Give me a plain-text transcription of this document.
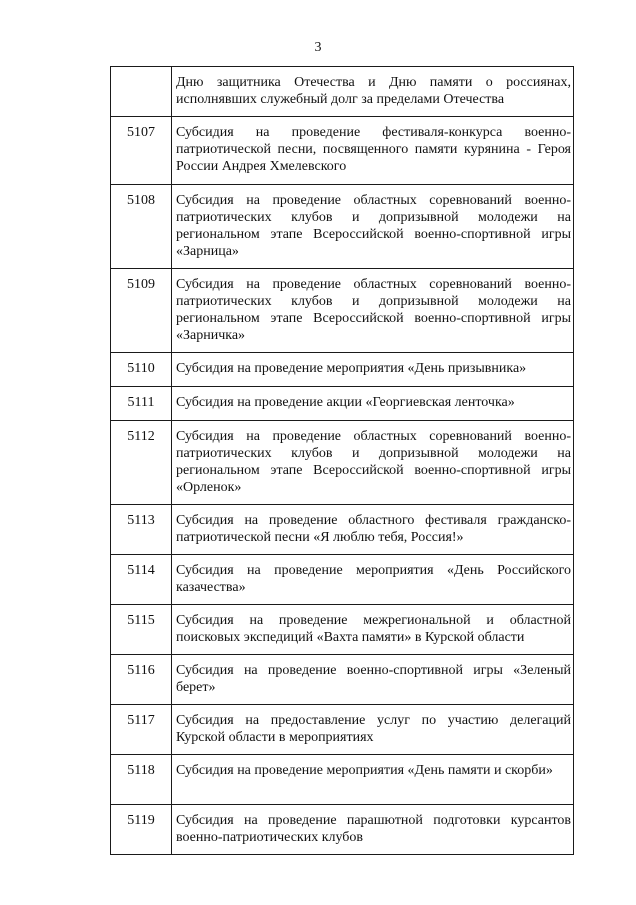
3
	Дню защитника Отечества и Дню памяти о россиянах, исполнявших служебный долг за пределами Отечества
5107	Субсидия на проведение фестиваля-конкурса военно-патриотической песни, посвященного памяти курянина - Героя России Андрея Хмелевского
5108	Субсидия на проведение областных соревнований военно-патриотических клубов и допризывной молодежи на региональном этапе Всероссийской военно-спортивной игры «Зарница»
5109	Субсидия на проведение областных соревнований военно-патриотических клубов и допризывной молодежи на региональном этапе Всероссийской военно-спортивной игры «Зарничка»
5110	Субсидия на проведение мероприятия «День призывника»
5111	Субсидия на проведение акции «Георгиевская ленточка»
5112	Субсидия на проведение областных соревнований военно-патриотических клубов и допризывной молодежи на региональном этапе Всероссийской военно-спортивной игры «Орленок»
5113	Субсидия на проведение областного фестиваля гражданско-патриотической песни «Я люблю тебя, Россия!»
5114	Субсидия на проведение мероприятия «День Российского казачества»
5115	Субсидия на проведение межрегиональной и областной поисковых экспедиций «Вахта памяти» в Курской области
5116	Субсидия на проведение военно-спортивной игры «Зеленый берет»
5117	Субсидия на предоставление услуг по участию делегаций Курской области в мероприятиях
5118	Субсидия на проведение мероприятия «День памяти и скорби»
5119	Субсидия на проведение парашютной подготовки курсантов военно-патриотических клубов
